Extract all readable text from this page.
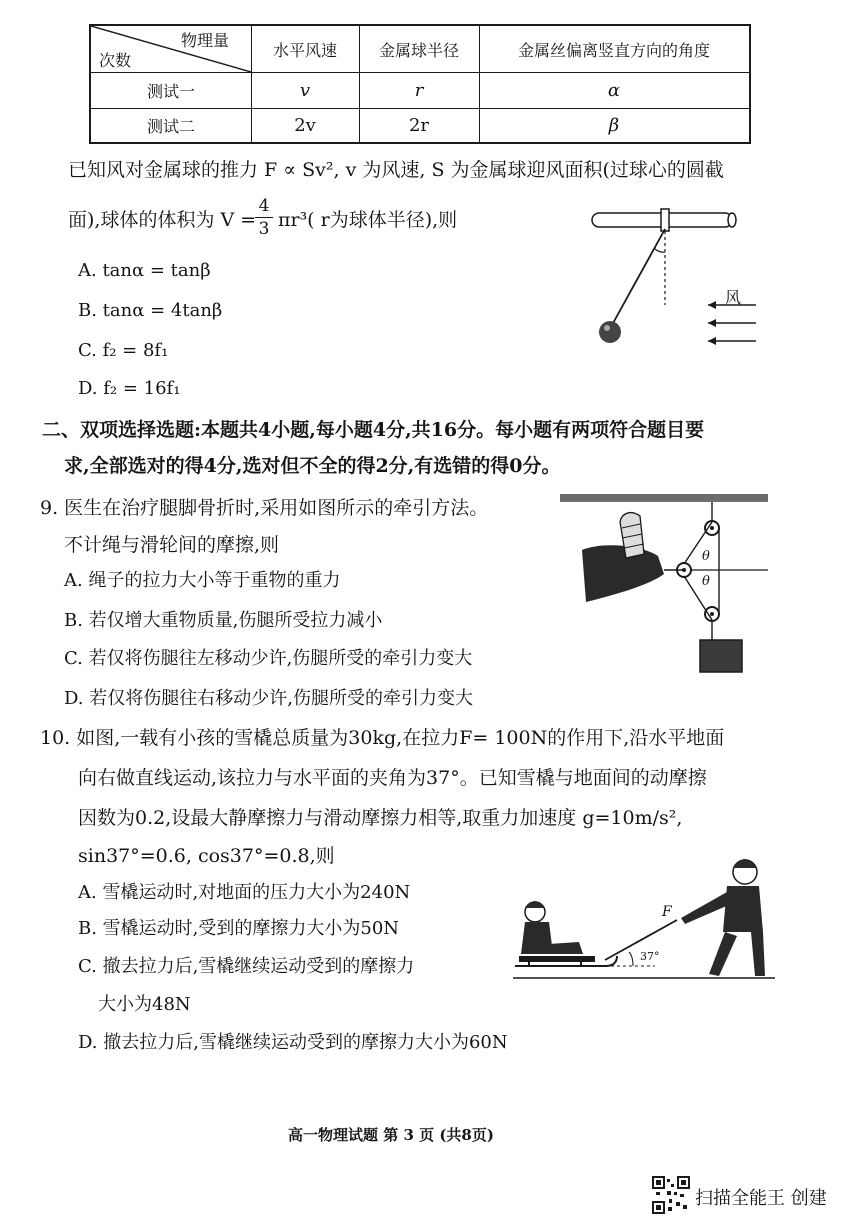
物理量
次数
水平风速	金属球半径	金属丝偏离竖直方向的角度
测试一	v	r	α
测试二	2v	2r	β
已知风对金属球的推力 F ∝ Sv², v 为风速, S 为金属球迎风面积(过球心的圆截
面),球体的体积为 V =
$\frac{4}{3} \pi r^3$( r为球体半径),则
A. tanα = tanβ
B. tanα = 4tanβ
C. f₂ = 8f₁
D. f₂ = 16f₁
风
二、双项选择选题:本题共4小题,每小题4分,共16分。每小题有两项符合题目要
求,全部选对的得4分,选对但不全的得2分,有选错的得0分。
9. 医生在治疗腿脚骨折时,采用如图所示的牵引方法。
不计绳与滑轮间的摩擦,则
A. 绳子的拉力大小等于重物的重力
B. 若仅增大重物质量,伤腿所受拉力减小
C. 若仅将伤腿往左移动少许,伤腿所受的牵引力变大
D. 若仅将伤腿往右移动少许,伤腿所受的牵引力变大
θ
θ
10. 如图,一载有小孩的雪橇总质量为30kg,在拉力F= 100N的作用下,沿水平地面
向右做直线运动,该拉力与水平面的夹角为37°。已知雪橇与地面间的动摩擦
因数为0.2,设最大静摩擦力与滑动摩擦力相等,取重力加速度 g=10m/s²,
sin37°=0.6, cos37°=0.8,则
A. 雪橇运动时,对地面的压力大小为240N
B. 雪橇运动时,受到的摩擦力大小为50N
C. 撤去拉力后,雪橇继续运动受到的摩擦力
大小为48N
D. 撤去拉力后,雪橇继续运动受到的摩擦力大小为60N
F
37°
高一物理试题 第 3 页 (共8页)
扫描全能王 创建
